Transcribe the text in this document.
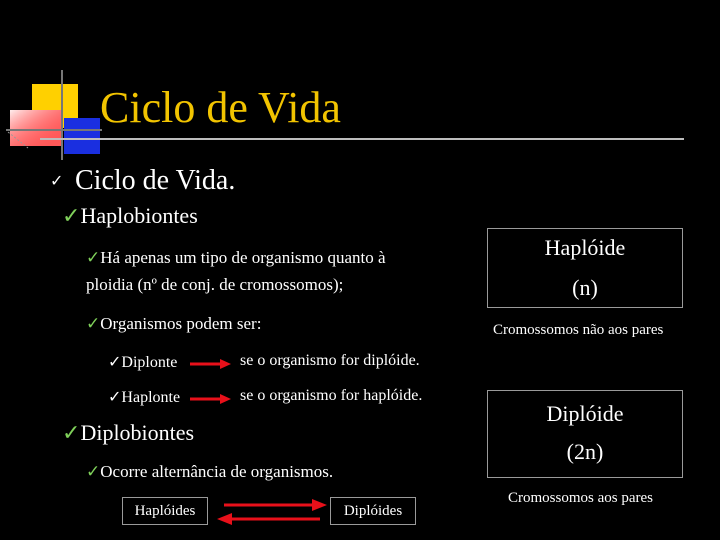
Ciclo de Vida
✓ Ciclo de Vida.
✓Haplobiontes
✓Há apenas um tipo de organismo quanto à
ploidia (nº de conj. de cromossomos);
✓Organismos podem ser:
✓Diplonte	se o organismo for diplóide.
✓Haplonte	se o organismo for haplóide.
✓Diplobiontes
✓Ocorre alternância de organismos.
Haplóides	Diplóides
Haplóide
(n)
Cromossomos não aos pares
Diplóide
(2n)
Cromossomos aos pares
